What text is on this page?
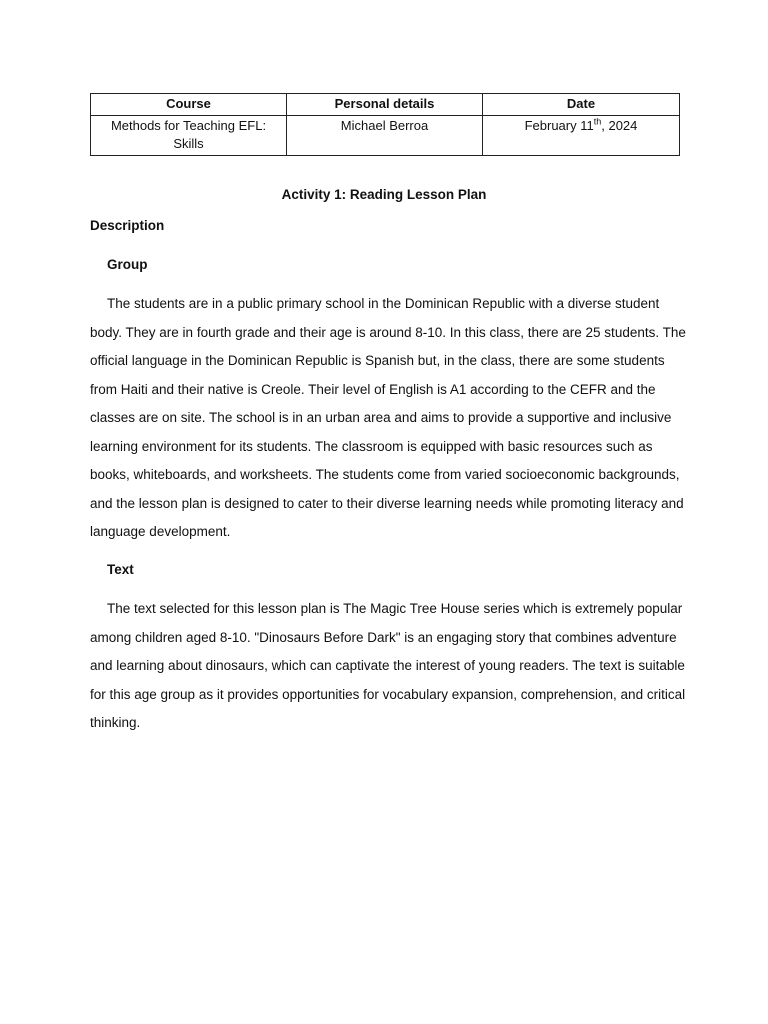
Course	Personal details	Date
Methods for Teaching EFL: Skills	Michael Berroa	February 11th, 2024
Activity 1: Reading Lesson Plan
Description
Group
The students are in a public primary school in the Dominican Republic with a diverse student body. They are in fourth grade and their age is around 8-10. In this class, there are 25 students. The official language in the Dominican Republic is Spanish but, in the class, there are some students from Haiti and their native is Creole. Their level of English is A1 according to the CEFR and the classes are on site. The school is in an urban area and aims to provide a supportive and inclusive learning environment for its students. The classroom is equipped with basic resources such as books, whiteboards, and worksheets. The students come from varied socioeconomic backgrounds, and the lesson plan is designed to cater to their diverse learning needs while promoting literacy and language development.
Text
The text selected for this lesson plan is The Magic Tree House series which is extremely popular among children aged 8-10. "Dinosaurs Before Dark" is an engaging story that combines adventure and learning about dinosaurs, which can captivate the interest of young readers. The text is suitable for this age group as it provides opportunities for vocabulary expansion, comprehension, and critical thinking.
